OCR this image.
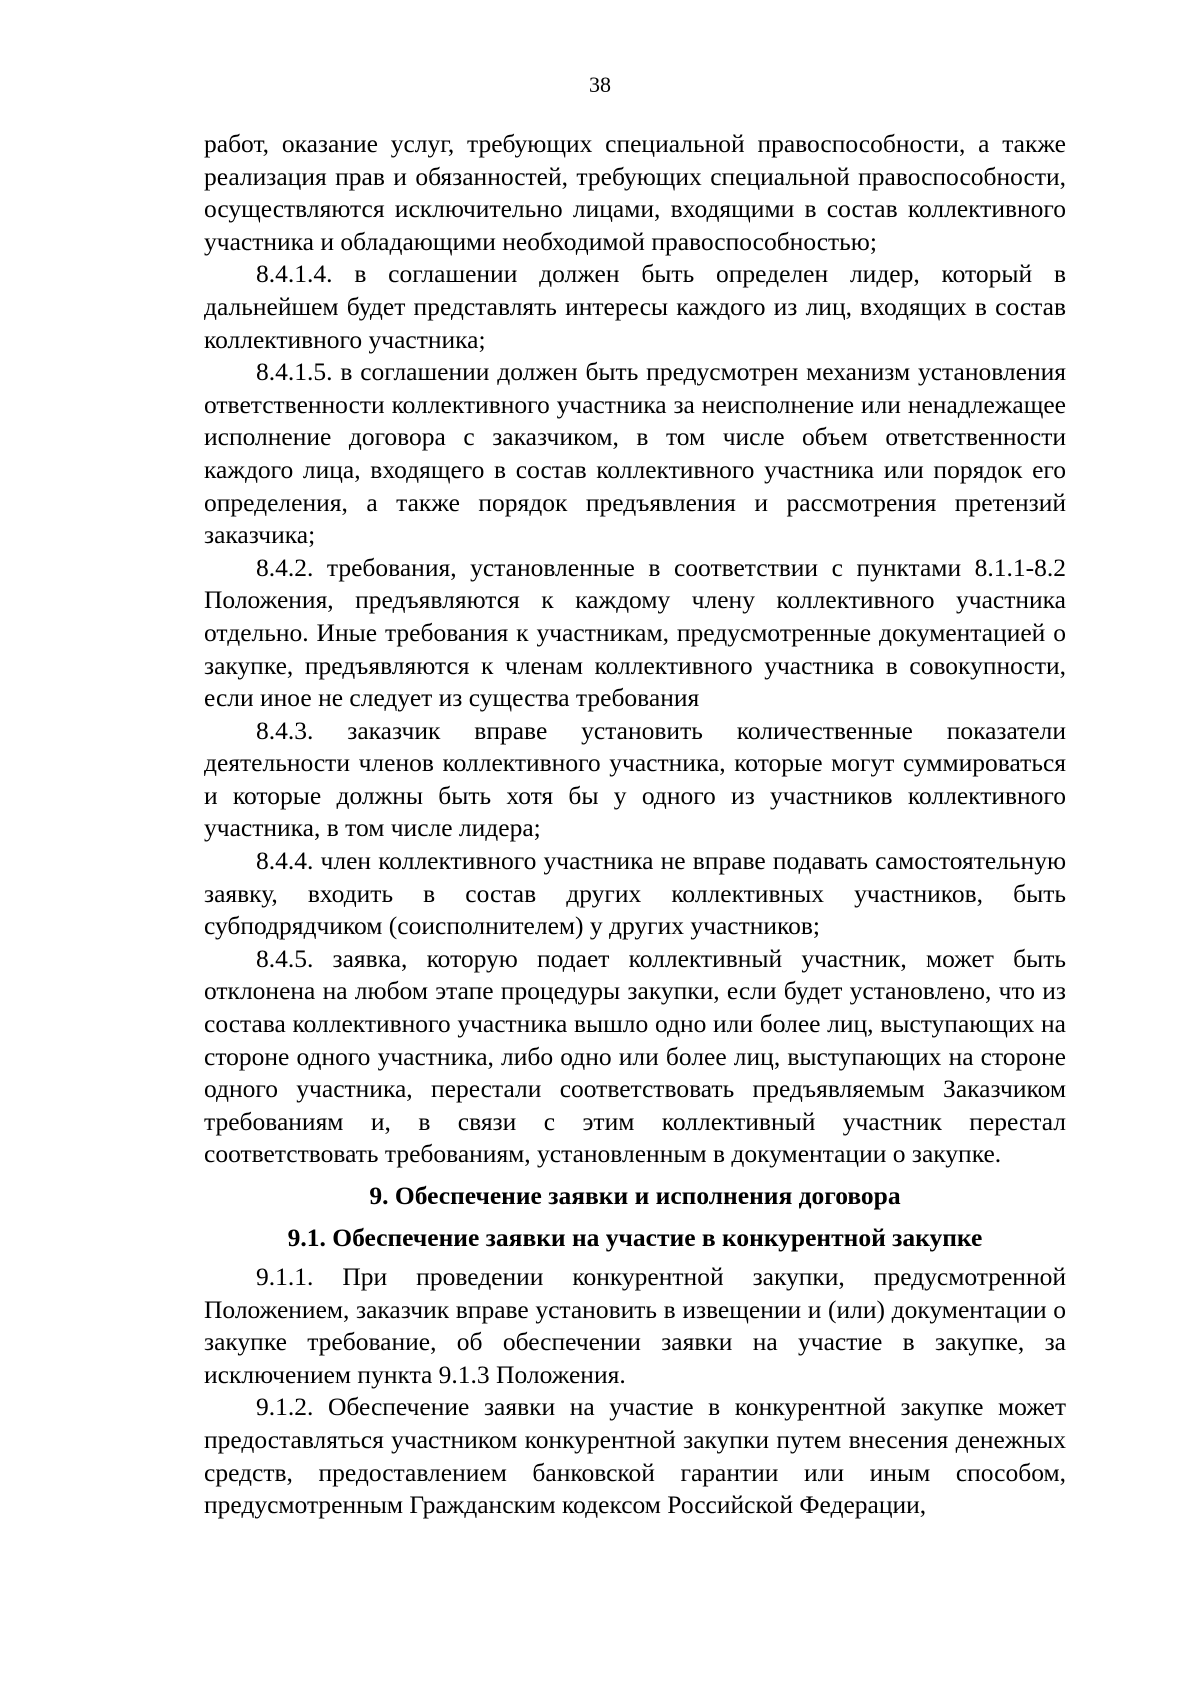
38

работ, оказание услуг, требующих специальной правоспособности, а также реализация прав и обязанностей, требующих специальной правоспособности, осуществляются исключительно лицами, входящими в состав коллективного участника и обладающими необходимой правоспособностью;

8.4.1.4. в соглашении должен быть определен лидер, который в дальнейшем будет представлять интересы каждого из лиц, входящих в состав коллективного участника;

8.4.1.5. в соглашении должен быть предусмотрен механизм установления ответственности коллективного участника за неисполнение или ненадлежащее исполнение договора с заказчиком, в том числе объем ответственности каждого лица, входящего в состав коллективного участника или порядок его определения, а также порядок предъявления и рассмотрения претензий заказчика;

8.4.2. требования, установленные в соответствии с пунктами 8.1.1-8.2 Положения, предъявляются к каждому члену коллективного участника отдельно. Иные требования к участникам, предусмотренные документацией о закупке, предъявляются к членам коллективного участника в совокупности, если иное не следует из существа требования

8.4.3. заказчик вправе установить количественные показатели деятельности членов коллективного участника, которые могут суммироваться и которые должны быть хотя бы у одного из участников коллективного участника, в том числе лидера;

8.4.4. член коллективного участника не вправе подавать самостоятельную заявку, входить в состав других коллективных участников, быть субподрядчиком (соисполнителем) у других участников;

8.4.5. заявка, которую подает коллективный участник, может быть отклонена на любом этапе процедуры закупки, если будет установлено, что из состава коллективного участника вышло одно или более лиц, выступающих на стороне одного участника, либо одно или более лиц, выступающих на стороне одного участника, перестали соответствовать предъявляемым Заказчиком требованиям и, в связи с этим коллективный участник перестал соответствовать требованиям, установленным в документации о закупке.

9. Обеспечение заявки и исполнения договора
9.1. Обеспечение заявки на участие в конкурентной закупке

9.1.1. При проведении конкурентной закупки, предусмотренной Положением, заказчик вправе установить в извещении и (или) документации о закупке требование, об обеспечении заявки на участие в закупке, за исключением пункта 9.1.3 Положения.

9.1.2. Обеспечение заявки на участие в конкурентной закупке может предоставляться участником конкурентной закупки путем внесения денежных средств, предоставлением банковской гарантии или иным способом, предусмотренным Гражданским кодексом Российской Федерации,
